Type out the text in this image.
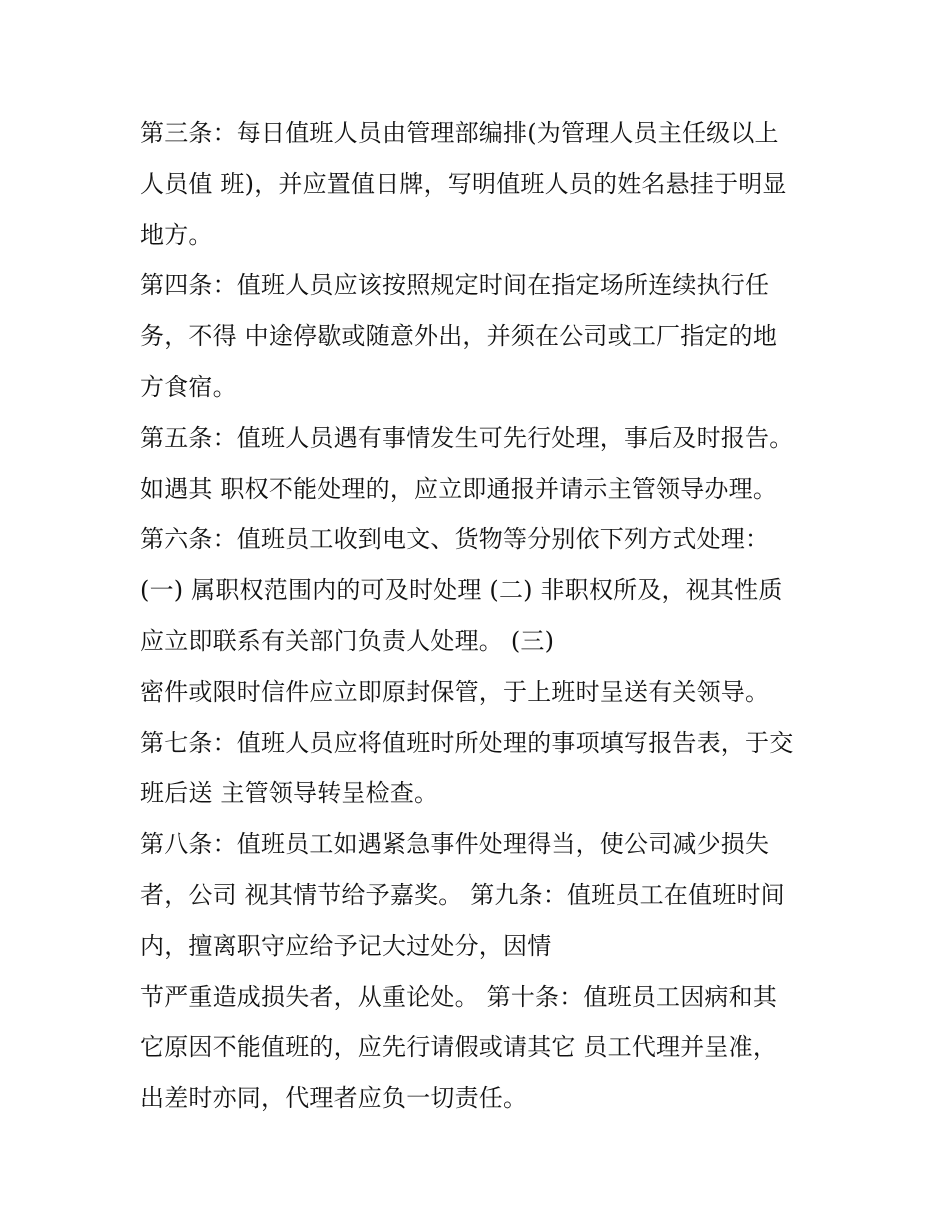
第三条：每日值班人员由管理部编排(为管理人员主任级以上
人员值 班)，并应置值日牌，写明值班人员的姓名悬挂于明显
地方。
第四条：值班人员应该按照规定时间在指定场所连续执行任
务，不得 中途停歇或随意外出，并须在公司或工厂指定的地
方食宿。
第五条：值班人员遇有事情发生可先行处理，事后及时报告。
如遇其 职权不能处理的，应立即通报并请示主管领导办理。
第六条：值班员工收到电文、货物等分别依下列方式处理：
(一) 属职权范围内的可及时处理 (二) 非职权所及，视其性质
应立即联系有关部门负责人处理。 (三)
密件或限时信件应立即原封保管，于上班时呈送有关领导。
第七条：值班人员应将值班时所处理的事项填写报告表，于交
班后送 主管领导转呈检查。
第八条：值班员工如遇紧急事件处理得当，使公司减少损失
者，公司 视其情节给予嘉奖。 第九条：值班员工在值班时间
内，擅离职守应给予记大过处分，因情
节严重造成损失者，从重论处。 第十条：值班员工因病和其
它原因不能值班的，应先行请假或请其它 员工代理并呈准，
出差时亦同，代理者应负一切责任。
